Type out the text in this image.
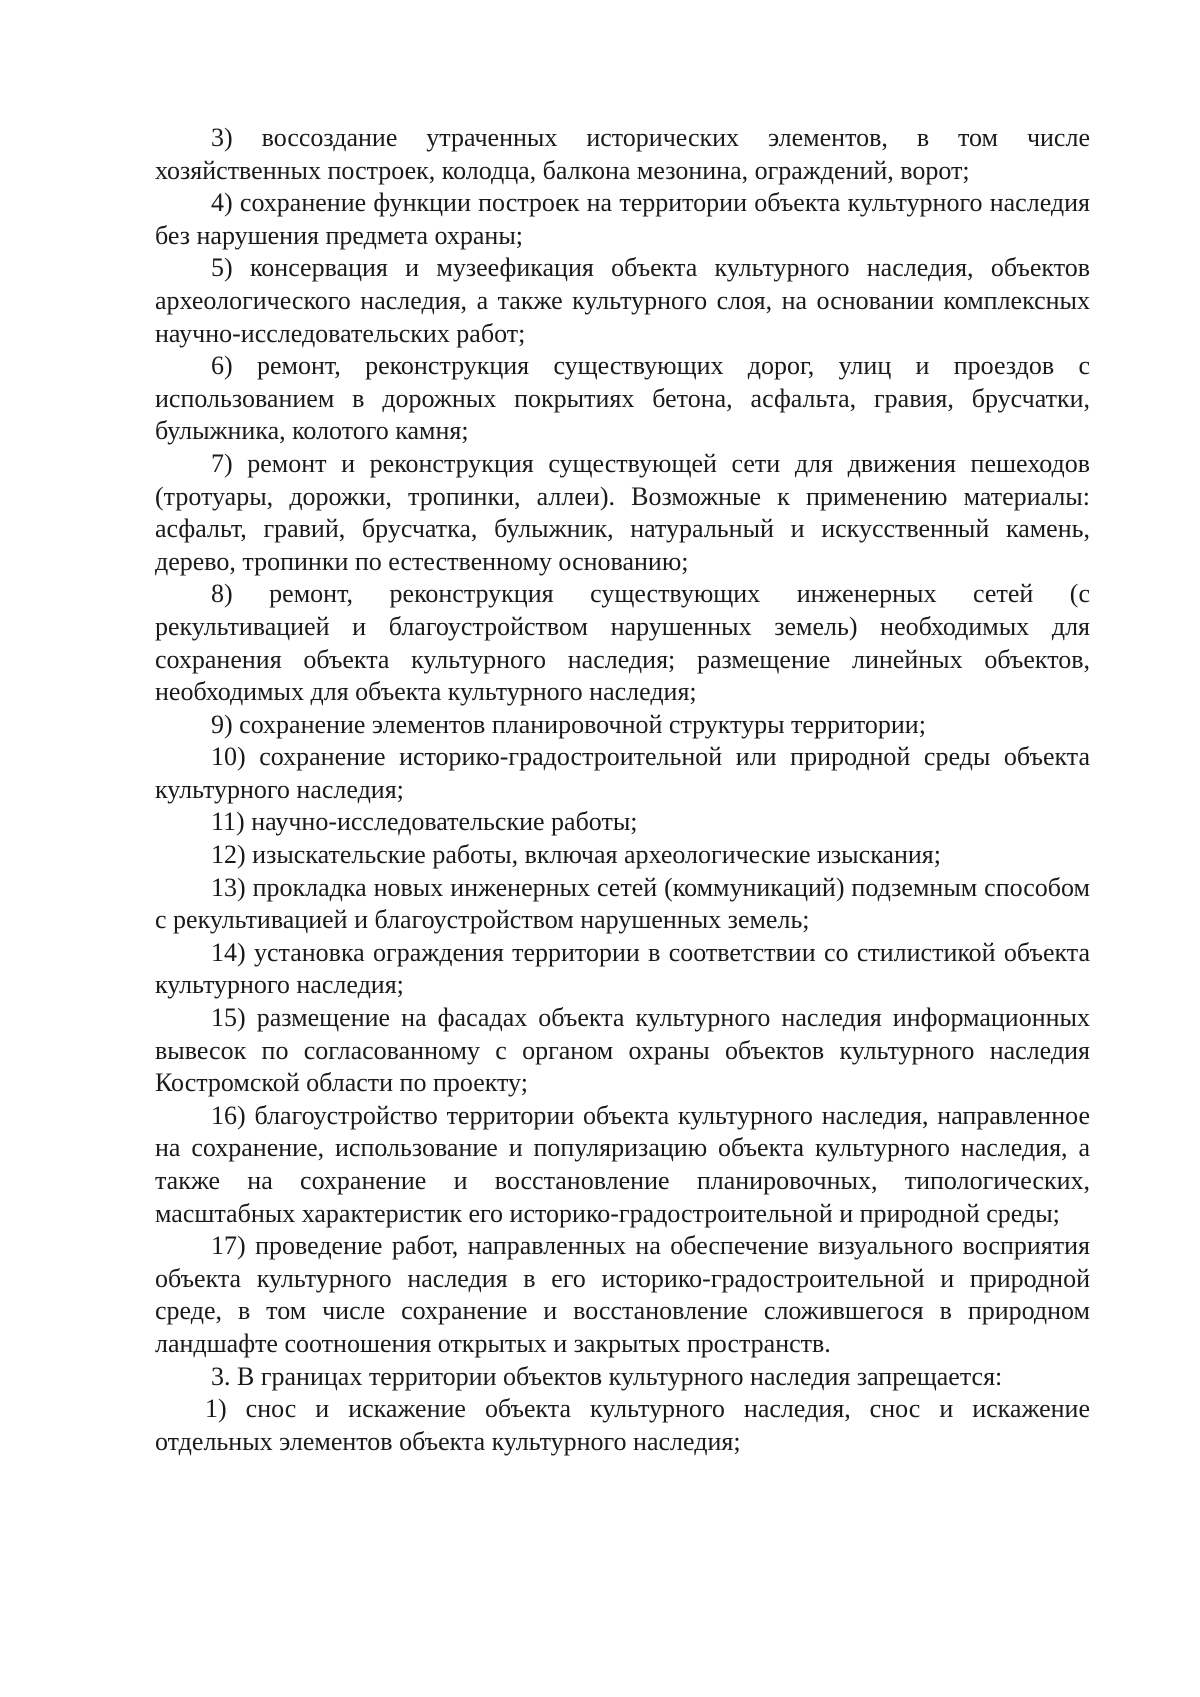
3) воссоздание утраченных исторических элементов, в том числе хозяйственных построек, колодца, балкона мезонина, ограждений, ворот;

4) сохранение функции построек на территории объекта культурного наследия без нарушения предмета охраны;

5) консервация и музеефикация объекта культурного наследия, объектов археологического наследия, а также культурного слоя, на основании комплексных научно-исследовательских работ;

6) ремонт, реконструкция существующих дорог, улиц и проездов с использованием в дорожных покрытиях бетона, асфальта, гравия, брусчатки, булыжника, колотого камня;

7) ремонт и реконструкция существующей сети для движения пешеходов (тротуары, дорожки, тропинки, аллеи). Возможные к применению материалы: асфальт, гравий, брусчатка, булыжник, натуральный и искусственный камень, дерево, тропинки по естественному основанию;

8) ремонт, реконструкция существующих инженерных сетей (с рекультивацией и благоустройством нарушенных земель) необходимых для сохранения объекта культурного наследия; размещение линейных объектов, необходимых для объекта культурного наследия;

9) сохранение элементов планировочной структуры территории;

10) сохранение историко-градостроительной или природной среды объекта культурного наследия;

11) научно-исследовательские работы;

12) изыскательские работы, включая археологические изыскания;

13) прокладка новых инженерных сетей (коммуникаций) подземным способом с рекультивацией и благоустройством нарушенных земель;

14) установка ограждения территории в соответствии со стилистикой объекта культурного наследия;

15) размещение на фасадах объекта культурного наследия информационных вывесок по согласованному с органом охраны объектов культурного наследия Костромской области по проекту;

16) благоустройство территории объекта культурного наследия, направленное на сохранение, использование и популяризацию объекта культурного наследия, а также на сохранение и восстановление планировочных, типологических, масштабных характеристик его историко-градостроительной и природной среды;

17) проведение работ, направленных на обеспечение визуального восприятия объекта культурного наследия в его историко-градостроительной и природной среде, в том числе сохранение и восстановление сложившегося в природном ландшафте соотношения открытых и закрытых пространств.

3. В границах территории объектов культурного наследия запрещается:

1) снос и искажение объекта культурного наследия, снос и искажение отдельных элементов объекта культурного наследия;
